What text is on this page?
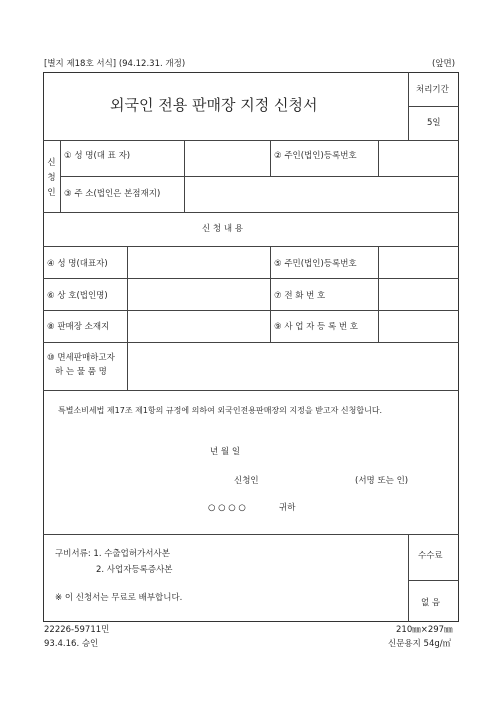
[별지 제18호 서식] (94.12.31. 개정)	(앞면)
외국인 전용 판매장 지정 신청서
처리기간
5일
신
청
인
① 성 명(대 표 자)	② 주인(법인)등록번호
③ 주 소(법인은 본점재지)
신 청 내 용
④ 성 명(대표자)	⑤ 주민(법인)등록번호
⑥ 상 호(법인명)	⑦ 전 화 번 호
⑧ 판매장 소재지	⑨ 사 업 자 등 록 번 호
⑩ 면세판매하고자
하 는 물 품 명
특별소비세법 제17조 제1항의 규정에 의하여 외국인전용판매장의 지정을 받고자 신청합니다.
년 월 일
신청인	(서명 또는 인)
○ ○ ○ ○	귀하
구비서류: 1. 수출업허가서사본
2. 사업자등록증사본
※ 이 신청서는 무료로 배부합니다.
수수료
없 음
22226-59711민	210㎜×297㎜
93.4.16. 승인	신문용지 54g/㎡
